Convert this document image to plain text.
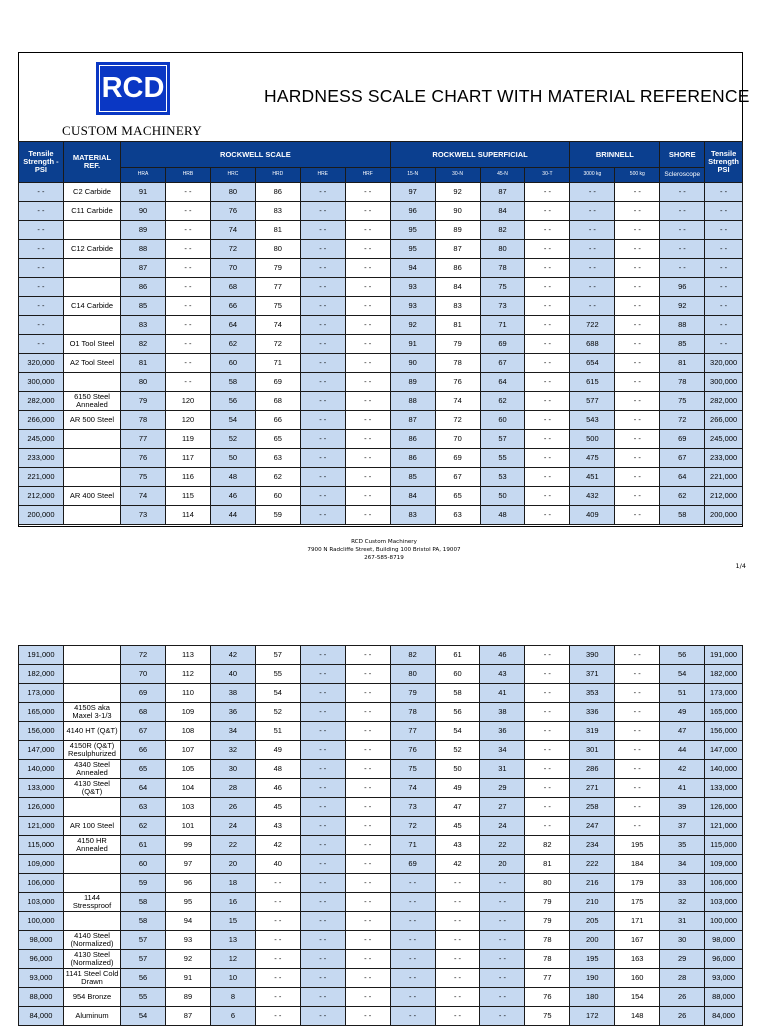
RCD
CUSTOM MACHINERY
HARDNESS SCALE CHART WITH MATERIAL REFERENCE
Tensile Strength - PSI	MATERIAL REF.	ROCKWELL SCALE						ROCKWELL SUPERFICIAL				BRINNELL		SHORE	Tensile Strength PSI
		HRA	HRB	HRC	HRD	HRE	HRF	15-N	30-N	45-N	30-T	3000 kg	500 kg	Scleroscope	
- -	C2 Carbide	91	- -	80	86	- -	- -	97	92	87	- -	- -	- -	- -	- -
- -	C11 Carbide	90	- -	76	83	- -	- -	96	90	84	- -	- -	- -	- -	- -
- -		89	- -	74	81	- -	- -	95	89	82	- -	- -	- -	- -	- -
- -	C12 Carbide	88	- -	72	80	- -	- -	95	87	80	- -	- -	- -	- -	- -
- -		87	- -	70	79	- -	- -	94	86	78	- -	- -	- -	- -	- -
- -		86	- -	68	77	- -	- -	93	84	75	- -	- -	- -	96	- -
- -	C14 Carbide	85	- -	66	75	- -	- -	93	83	73	- -	- -	- -	92	- -
- -		83	- -	64	74	- -	- -	92	81	71	- -	722	- -	88	- -
- -	O1 Tool Steel	82	- -	62	72	- -	- -	91	79	69	- -	688	- -	85	- -
320,000	A2 Tool Steel	81	- -	60	71	- -	- -	90	78	67	- -	654	- -	81	320,000
300,000		80	- -	58	69	- -	- -	89	76	64	- -	615	- -	78	300,000
282,000	6150 Steel Annealed	79	120	56	68	- -	- -	88	74	62	- -	577	- -	75	282,000
266,000	AR 500 Steel	78	120	54	66	- -	- -	87	72	60	- -	543	- -	72	266,000
245,000		77	119	52	65	- -	- -	86	70	57	- -	500	- -	69	245,000
233,000		76	117	50	63	- -	- -	86	69	55	- -	475	- -	67	233,000
221,000		75	116	48	62	- -	- -	85	67	53	- -	451	- -	64	221,000
212,000	AR 400 Steel	74	115	46	60	- -	- -	84	65	50	- -	432	- -	62	212,000
200,000		73	114	44	59	- -	- -	83	63	48	- -	409	- -	58	200,000
RCD Custom Machinery
7900 N Radcliffe Street, Building 100 Bristol PA, 19007
267-585-8719
1/4
191,000		72	113	42	57	- -	- -	82	61	46	- -	390	- -	56	191,000
182,000		70	112	40	55	- -	- -	80	60	43	- -	371	- -	54	182,000
173,000		69	110	38	54	- -	- -	79	58	41	- -	353	- -	51	173,000
165,000	4150S aka Maxel 3-1/3	68	109	36	52	- -	- -	78	56	38	- -	336	- -	49	165,000
156,000	4140 HT (Q&T)	67	108	34	51	- -	- -	77	54	36	- -	319	- -	47	156,000
147,000	4150R (Q&T) Resulphurized	66	107	32	49	- -	- -	76	52	34	- -	301	- -	44	147,000
140,000	4340 Steel Annealed	65	105	30	48	- -	- -	75	50	31	- -	286	- -	42	140,000
133,000	4130 Steel (Q&T)	64	104	28	46	- -	- -	74	49	29	- -	271	- -	41	133,000
126,000		63	103	26	45	- -	- -	73	47	27	- -	258	- -	39	126,000
121,000	AR 100 Steel	62	101	24	43	- -	- -	72	45	24	- -	247	- -	37	121,000
115,000	4150 HR Annealed	61	99	22	42	- -	- -	71	43	22	82	234	195	35	115,000
109,000		60	97	20	40	- -	- -	69	42	20	81	222	184	34	109,000
106,000		59	96	18	- -	- -	- -	- -	- -	- -	80	216	179	33	106,000
103,000	1144 Stressproof	58	95	16	- -	- -	- -	- -	- -	- -	79	210	175	32	103,000
100,000		58	94	15	- -	- -	- -	- -	- -	- -	79	205	171	31	100,000
98,000	4140 Steel (Normalized)	57	93	13	- -	- -	- -	- -	- -	- -	78	200	167	30	98,000
96,000	4130 Steel (Normalized)	57	92	12	- -	- -	- -	- -	- -	- -	78	195	163	29	96,000
93,000	1141 Steel Cold Drawn	56	91	10	- -	- -	- -	- -	- -	- -	77	190	160	28	93,000
88,000	954 Bronze	55	89	8	- -	- -	- -	- -	- -	- -	76	180	154	26	88,000
84,000	Aluminum	54	87	6	- -	- -	- -	- -	- -	- -	75	172	148	26	84,000
